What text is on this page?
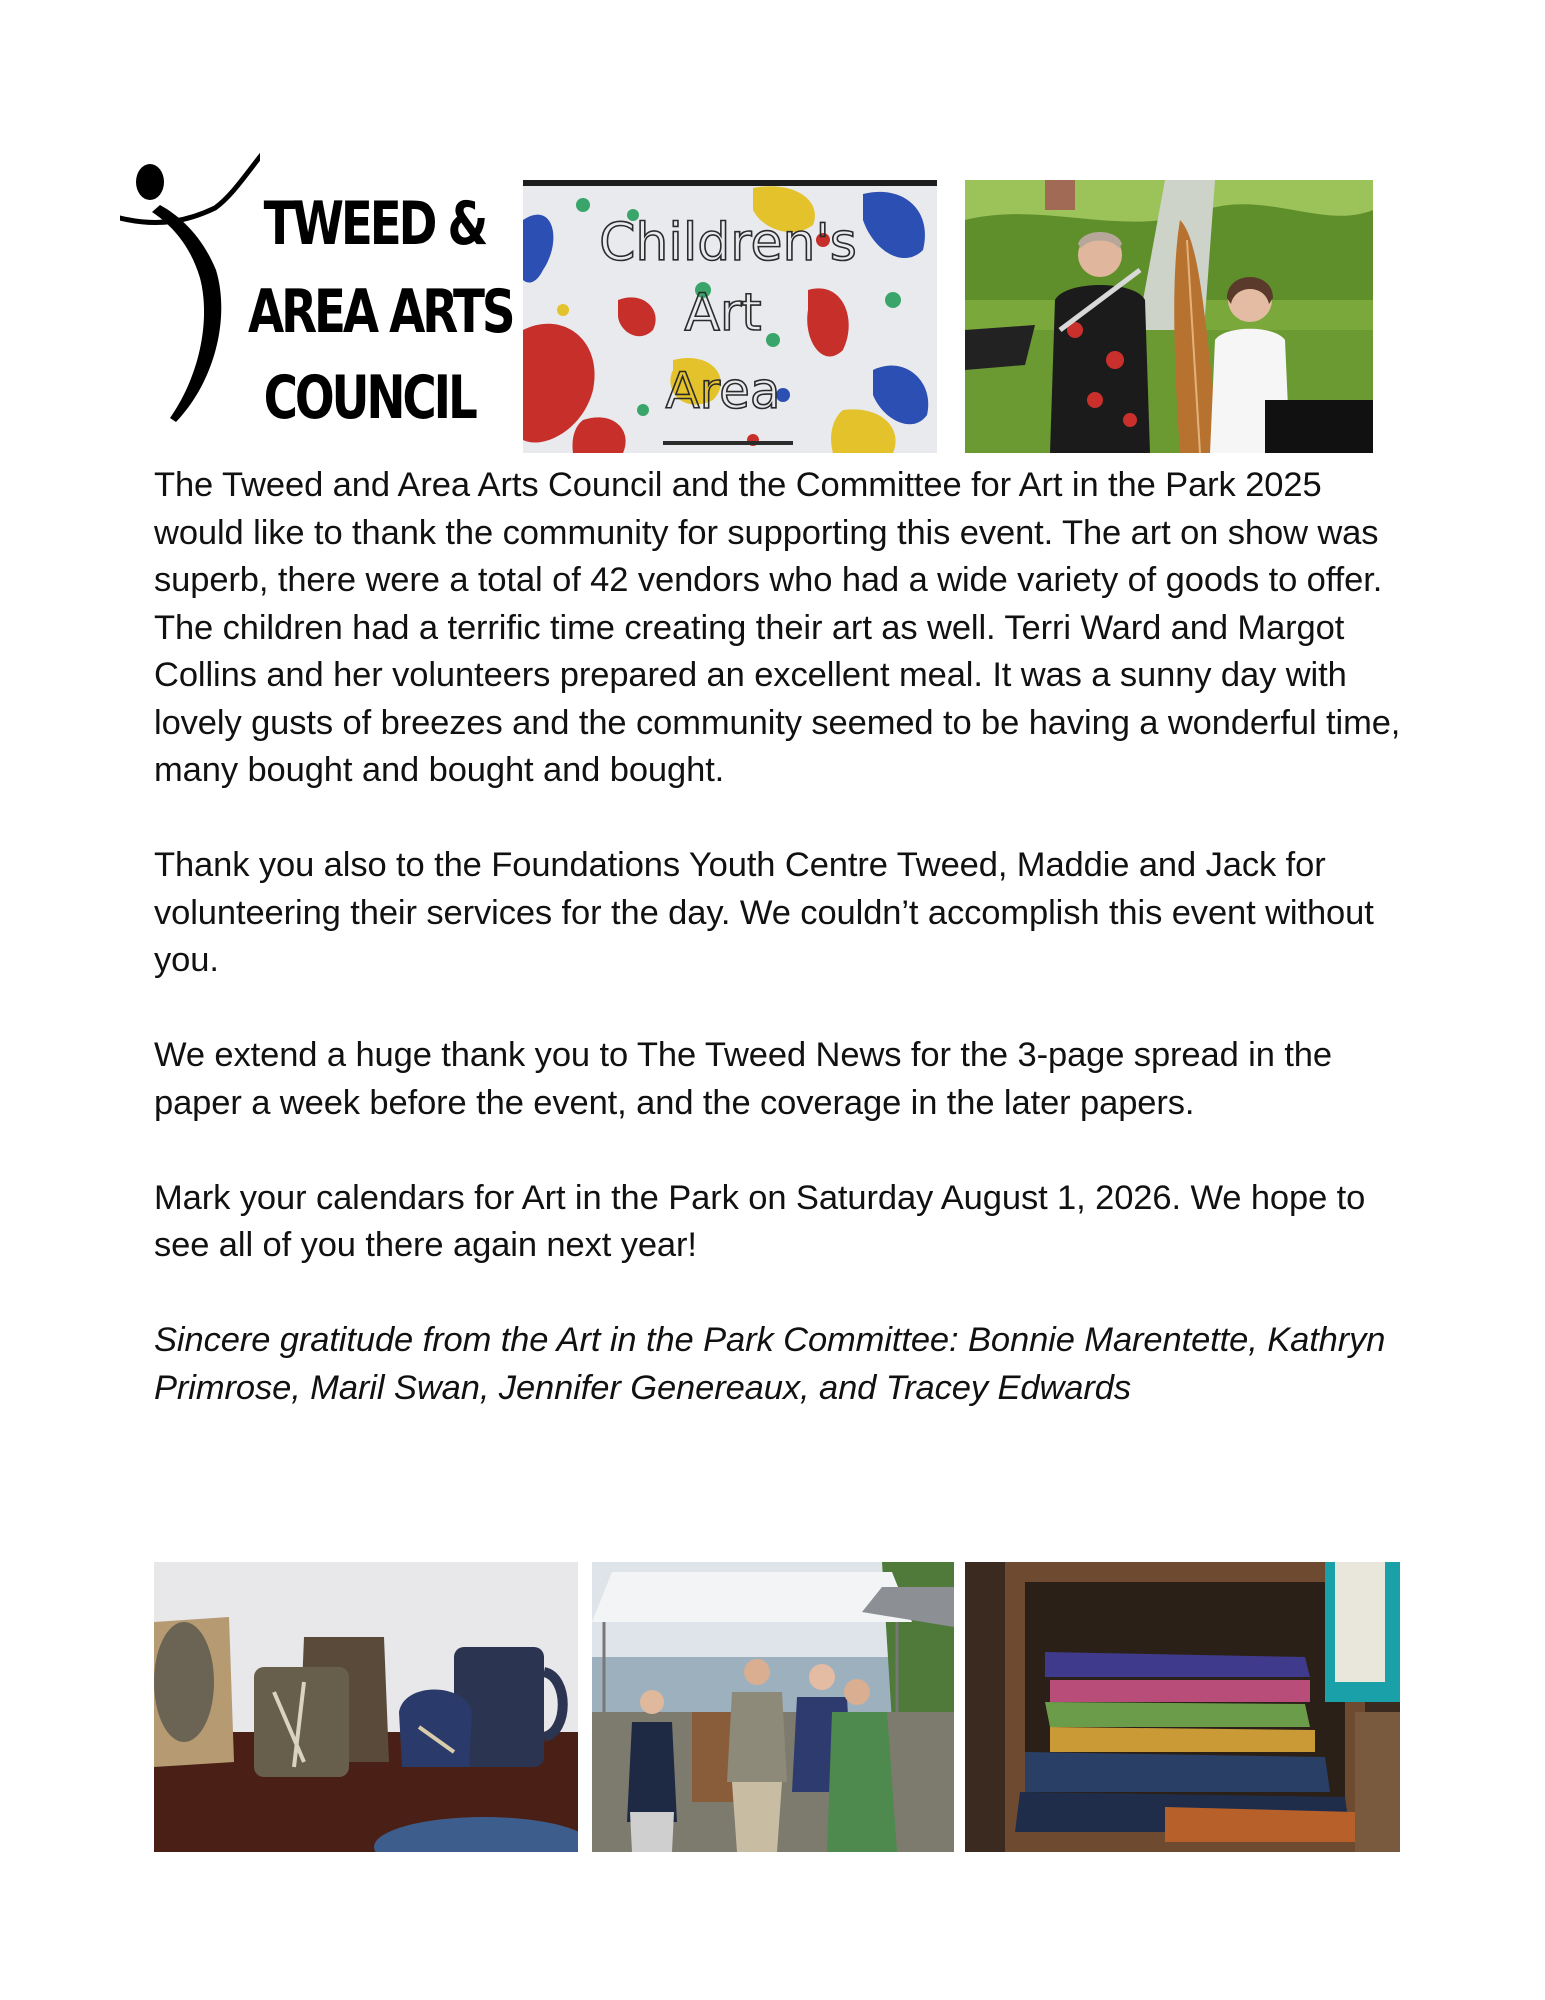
TWEED &
AREA ARTS
COUNCIL
Children's
Art
Area

The Tweed and Area Arts Council and the Committee for Art in the Park 2025 would like to thank the community for supporting this event. The art on show was superb, there were a total of 42 vendors who had a wide variety of goods to offer. The children had a terrific time creating their art as well. Terri Ward and Margot Collins and her volunteers prepared an excellent meal. It was a sunny day with lovely gusts of breezes and the community seemed to be having a wonderful time, many bought and bought and bought.

Thank you also to the Foundations Youth Centre Tweed, Maddie and Jack for volunteering their services for the day. We couldn’t accomplish this event without you.

We extend a huge thank you to The Tweed News for the 3-page spread in the paper a week before the event, and the coverage in the later papers.

Mark your calendars for Art in the Park on Saturday August 1, 2026. We hope to see all of you there again next year!

Sincere gratitude from the Art in the Park Committee: Bonnie Marentette, Kathryn Primrose, Maril Swan, Jennifer Genereaux, and Tracey Edwards
